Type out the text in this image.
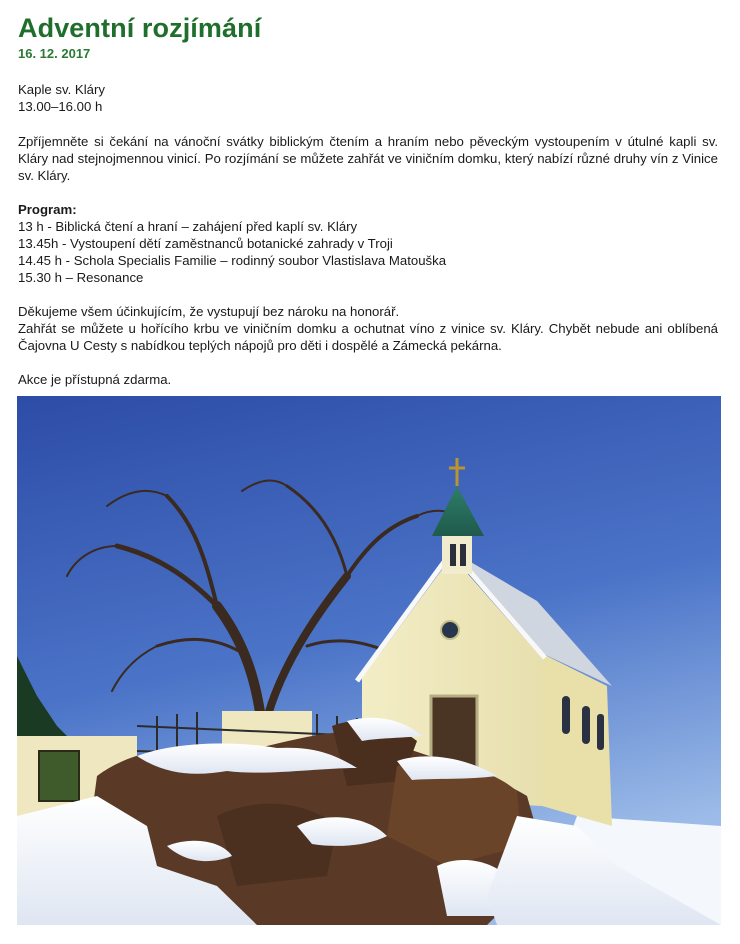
Adventní rozjímání
16. 12. 2017

Kaple sv. Kláry

13.00–16.00 h

Zpříjemněte si čekání na vánoční svátky biblickým čtením a hraním nebo pěveckým vystoupením v útulné kapli sv. Kláry nad stejnojmennou vinicí. Po rozjímání se můžete zahřát ve viničním domku, který nabízí různé druhy vín z Vinice sv. Kláry.

Program:

13 h - Biblická čtení a hraní – zahájení před kaplí sv. Kláry

13.45h - Vystoupení dětí zaměstnanců botanické zahrady v Troji

14.45 h - Schola Specialis Familie – rodinný soubor Vlastislava Matouška

15.30 h – Resonance

Děkujeme všem účinkujícím, že vystupují bez nároku na honorář.

Zahřát se můžete u hořícího krbu ve viničním domku a ochutnat víno z vinice sv. Kláry. Chybět nebude ani oblíbená Čajovna U Cesty s nabídkou teplých nápojů pro děti i dospělé a Zámecká pekárna.

Akce je přístupná zdarma.
